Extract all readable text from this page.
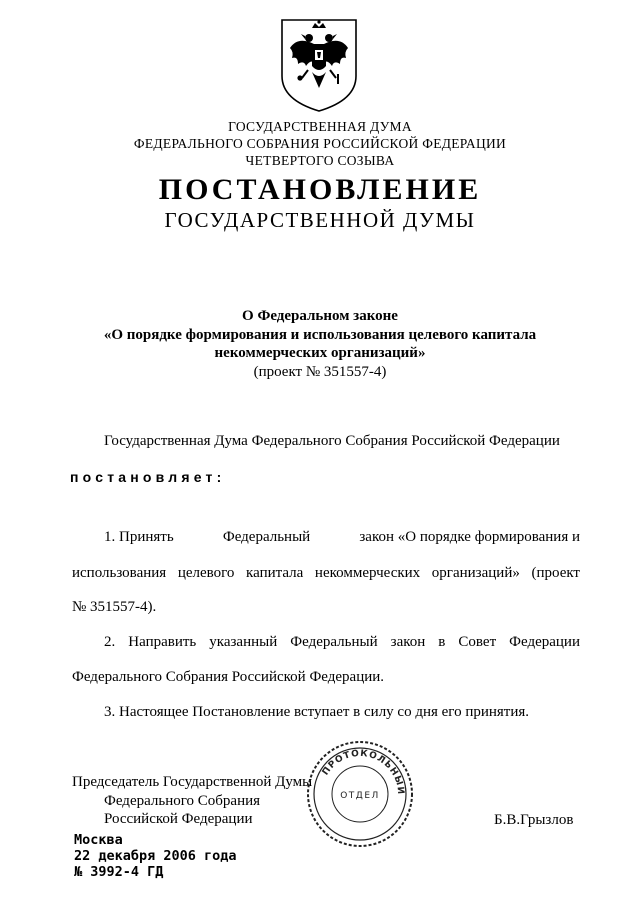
ГОСУДАРСТВЕННАЯ ДУМА
ФЕДЕРАЛЬНОГО СОБРАНИЯ РОССИЙСКОЙ ФЕДЕРАЦИИ
ЧЕТВЕРТОГО СОЗЫВА
ПОСТАНОВЛЕНИЕ
ГОСУДАРСТВЕННОЙ ДУМЫ
О Федеральном законе
«О порядке формирования и использования целевого капитала
некоммерческих организаций»
(проект № 351557-4)
Государственная Дума Федерального Собрания Российской Федерации
постановляет:
1. Принять	Федеральный	закон «О порядке формирования и
использования целевого капитала некоммерческих организаций» (проект
№ 351557-4).
2. Направить указанный Федеральный закон в Совет Федерации
Федерального Собрания Российской Федерации.
3. Настоящее Постановление вступает в силу со дня его принятия.
Председатель Государственной Думы
Федерального Собрания
Российской Федерации	Б.В.Грызлов
ПРОТОКОЛЬНЫЙ
ОТДЕЛ
Москва
22 декабря 2006 года
№ 3992-4 ГД
